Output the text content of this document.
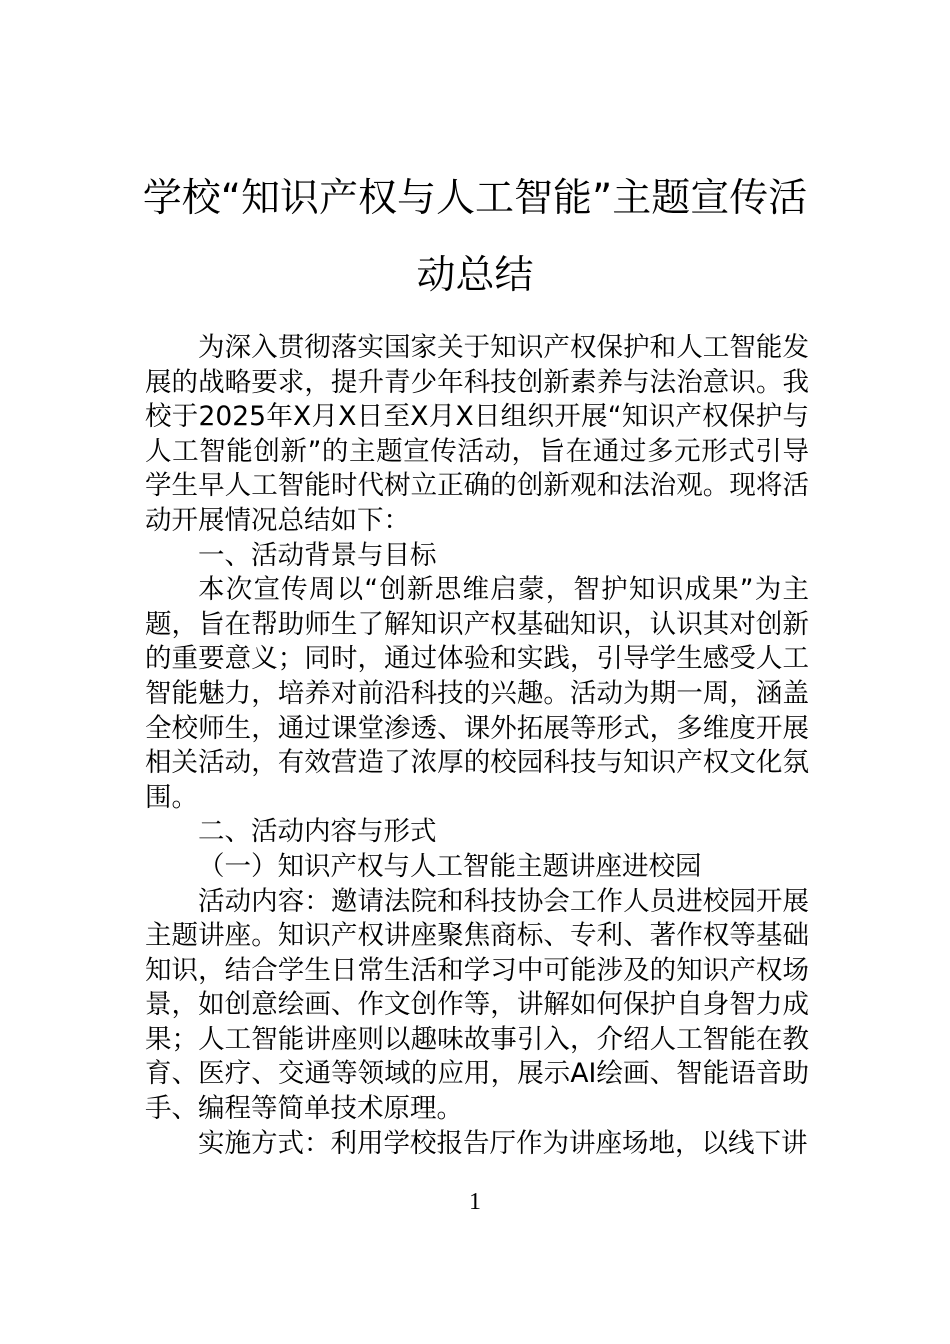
学校“知识产权与人工智能”主题宣传活
动总结

为深入贯彻落实国家关于知识产权保护和人工智能发展的战略要求，提升青少年科技创新素养与法治意识。我校于2025年X月X日至X月X日组织开展“知识产权保护与人工智能创新”的主题宣传活动，旨在通过多元形式引导学生早人工智能时代树立正确的创新观和法治观。现将活动开展情况总结如下：

一、活动背景与目标

本次宣传周以“创新思维启蒙，智护知识成果”为主题，旨在帮助师生了解知识产权基础知识，认识其对创新的重要意义；同时，通过体验和实践，引导学生感受人工智能魅力，培养对前沿科技的兴趣。活动为期一周，涵盖全校师生，通过课堂渗透、课外拓展等形式，多维度开展相关活动，有效营造了浓厚的校园科技与知识产权文化氛围。

二、活动内容与形式

（一）知识产权与人工智能主题讲座进校园

活动内容：邀请法院和科技协会工作人员进校园开展主题讲座。知识产权讲座聚焦商标、专利、著作权等基础知识，结合学生日常生活和学习中可能涉及的知识产权场景，如创意绘画、作文创作等，讲解如何保护自身智力成果；人工智能讲座则以趣味故事引入，介绍人工智能在教育、医疗、交通等领域的应用，展示AI绘画、智能语音助手、编程等简单技术原理。

实施方式：利用学校报告厅作为讲座场地，以线下讲

1
